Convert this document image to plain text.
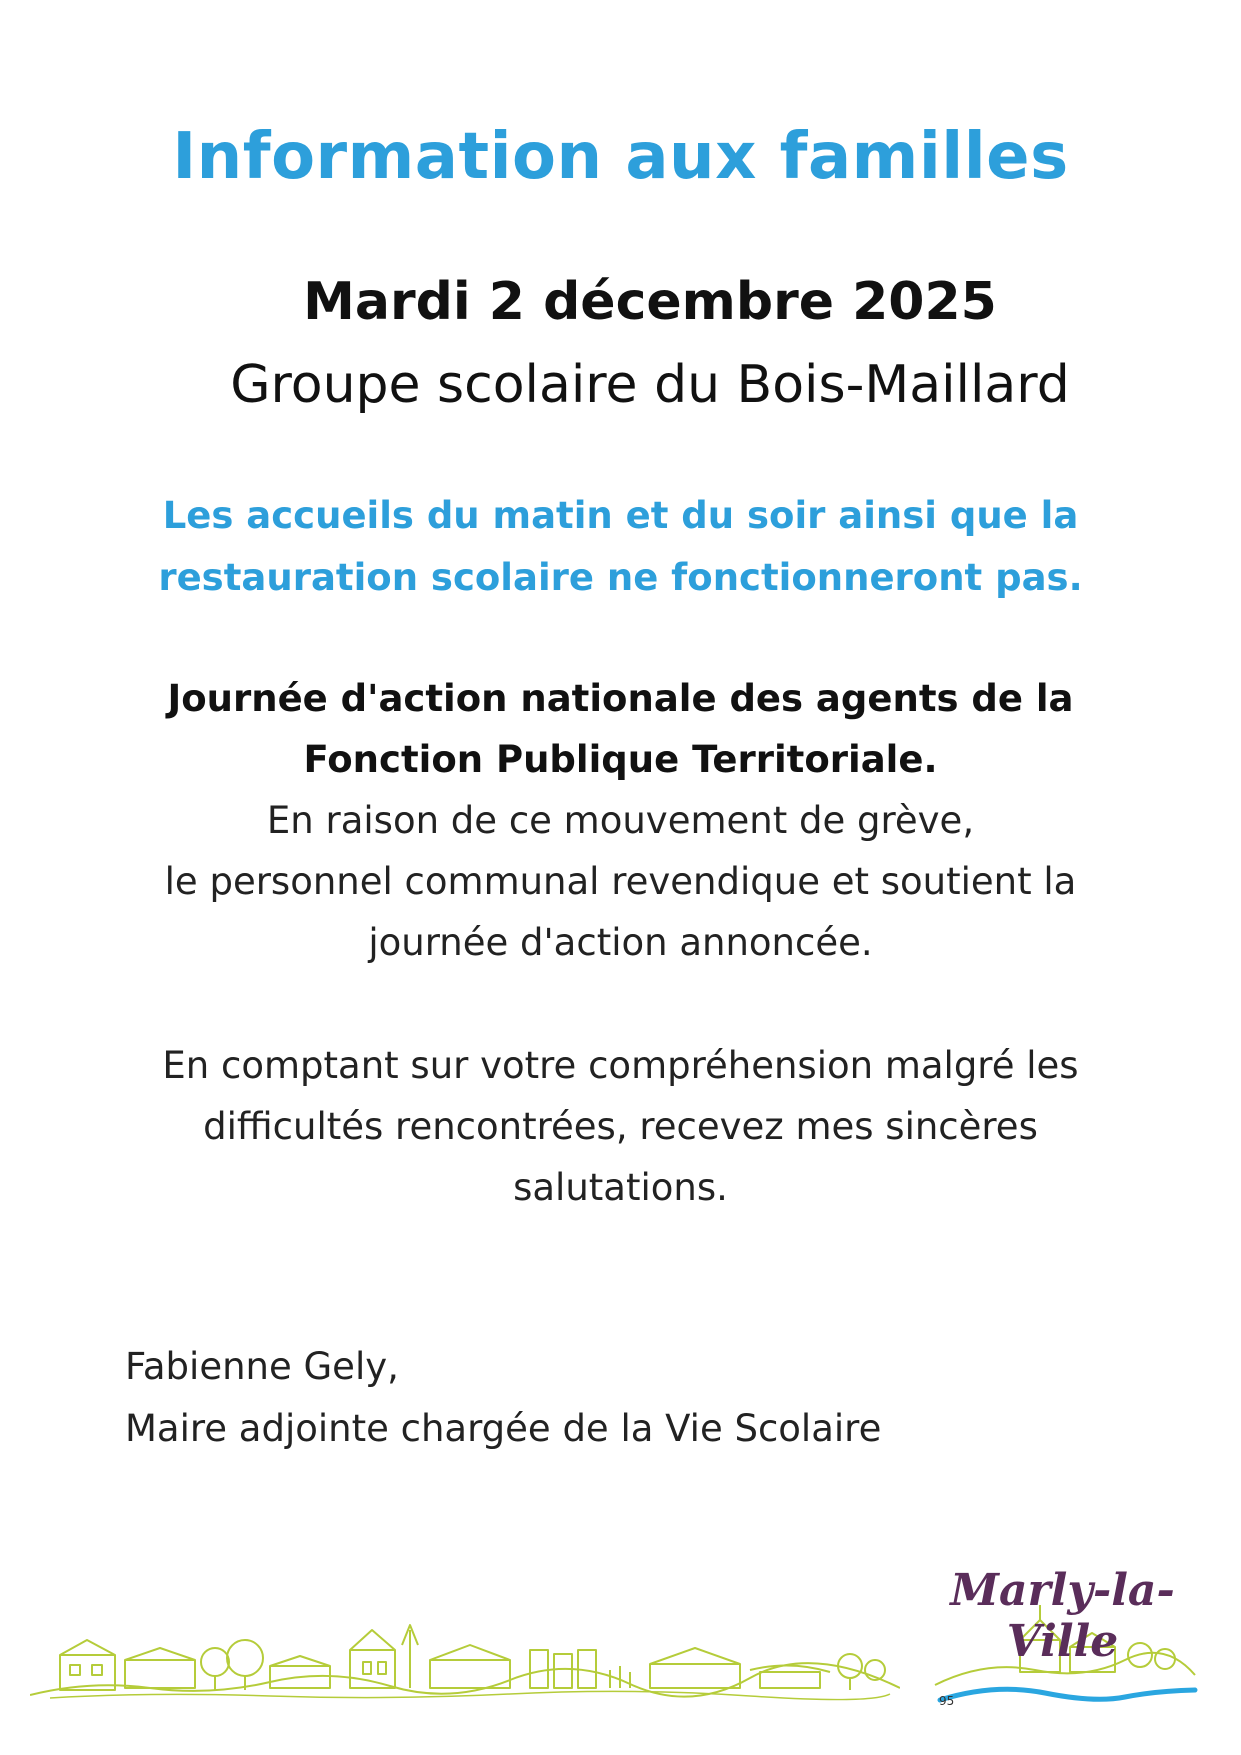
Information aux familles
Mardi 2 décembre 2025
Groupe scolaire du Bois-Maillard
Les accueils du matin et du soir ainsi que la
restauration scolaire ne fonctionneront pas.
Journée d'action nationale des agents de la
Fonction Publique Territoriale.
En raison de ce mouvement de grève,
le personnel communal revendique et soutient la
journée d'action annoncée.
En comptant sur votre compréhension malgré les
difficultés rencontrées, recevez mes sincères
salutations.
Fabienne Gely,
Maire adjointe chargée de la Vie Scolaire
Marly-la-Ville
95
